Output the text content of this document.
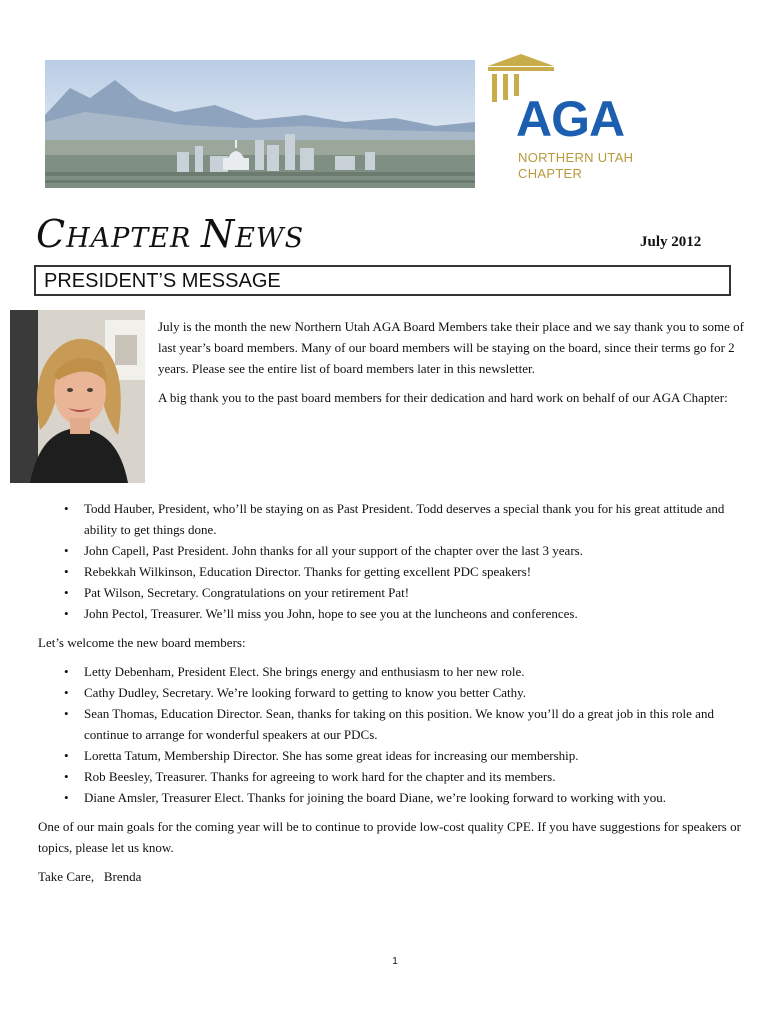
AGA
NORTHERN UTAH
CHAPTER
CHAPTER NEWS	July 2012
PRESIDENT’S MESSAGE

July is the month the new Northern Utah AGA Board Members take their place and we say thank you to some of last year’s board members. Many of our board members will be staying on the board, since their terms go for 2 years. Please see the entire list of board members later in this newsletter.

A big thank you to the past board members for their dedication and hard work on behalf of our AGA Chapter:

• Todd Hauber, President, who’ll be staying on as Past President. Todd deserves a special thank you for his great attitude and ability to get things done.
• John Capell, Past President. John thanks for all your support of the chapter over the last 3 years.
• Rebekkah Wilkinson, Education Director. Thanks for getting excellent PDC speakers!
• Pat Wilson, Secretary. Congratulations on your retirement Pat!
• John Pectol, Treasurer. We’ll miss you John, hope to see you at the luncheons and conferences.

Let’s welcome the new board members:

• Letty Debenham, President Elect. She brings energy and enthusiasm to her new role.
• Cathy Dudley, Secretary. We’re looking forward to getting to know you better Cathy.
• Sean Thomas, Education Director. Sean, thanks for taking on this position. We know you’ll do a great job in this role and continue to arrange for wonderful speakers at our PDCs.
• Loretta Tatum, Membership Director. She has some great ideas for increasing our membership.
• Rob Beesley, Treasurer. Thanks for agreeing to work hard for the chapter and its members.
• Diane Amsler, Treasurer Elect. Thanks for joining the board Diane, we’re looking forward to working with you.

One of our main goals for the coming year will be to continue to provide low-cost quality CPE. If you have suggestions for speakers or topics, please let us know.

Take Care,   Brenda

1
